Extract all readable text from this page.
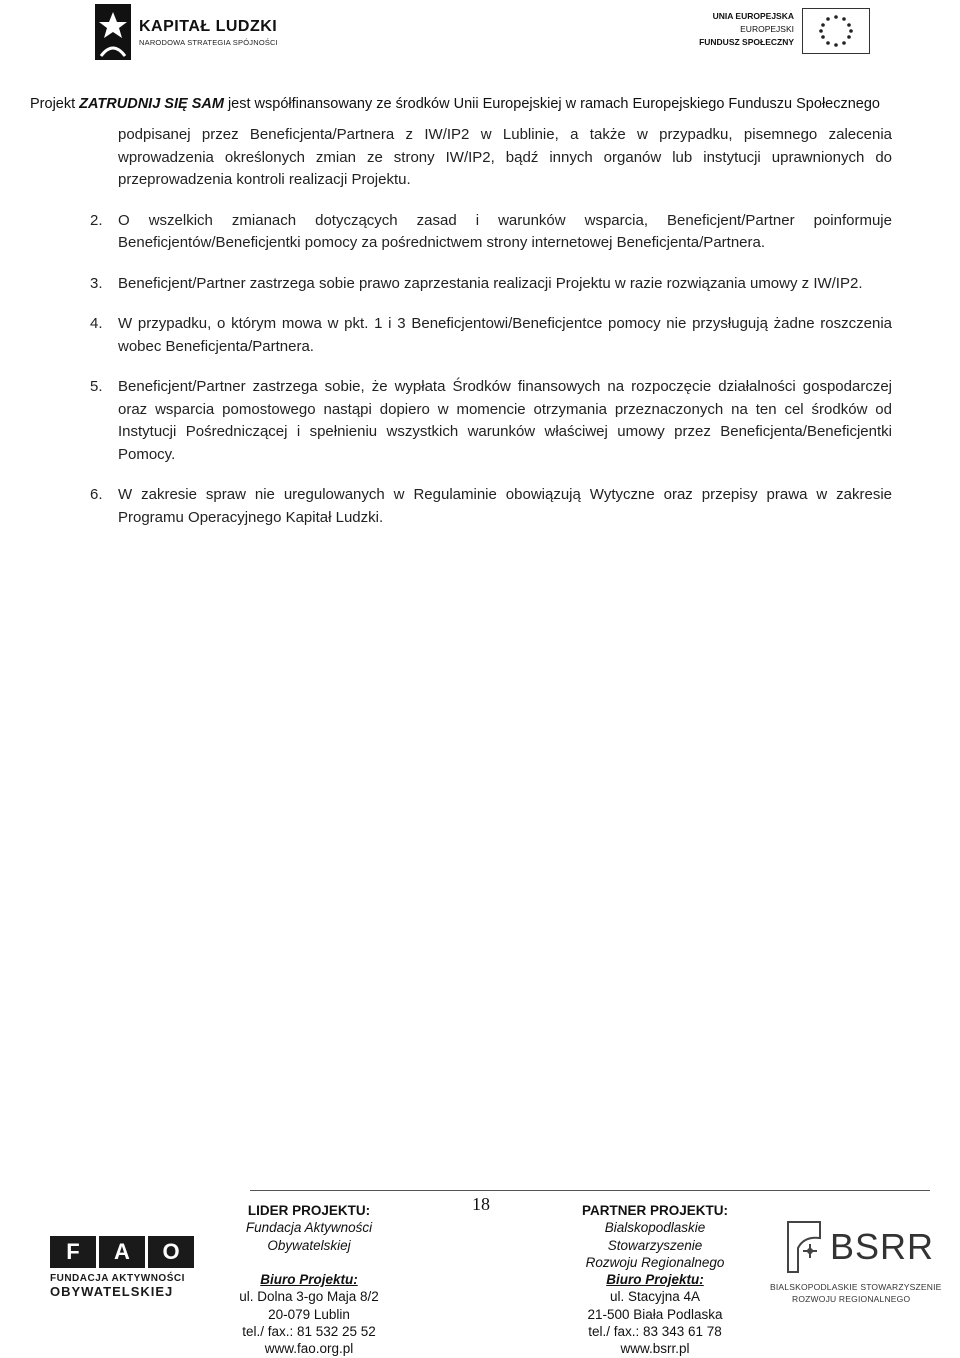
KAPITAŁ LUDZKI
NARODOWA STRATEGIA SPÓJNOŚCI
UNIA EUROPEJSKA
EUROPEJSKI
FUNDUSZ SPOŁECZNY
Projekt ZATRUDNIJ SIĘ SAM jest współfinansowany ze środków Unii Europejskiej w ramach Europejskiego Funduszu Społecznego
podpisanej przez Beneficjenta/Partnera z IW/IP2 w Lublinie, a także w przypadku, pisemnego zalecenia wprowadzenia określonych zmian ze strony IW/IP2, bądź innych organów lub instytucji uprawnionych do przeprowadzenia kontroli realizacji Projektu.
2. O wszelkich zmianach dotyczących zasad i warunków wsparcia, Beneficjent/Partner poinformuje Beneficjentów/Beneficjentki pomocy za pośrednictwem strony internetowej Beneficjenta/Partnera.
3. Beneficjent/Partner zastrzega sobie prawo zaprzestania realizacji Projektu w razie rozwiązania umowy z IW/IP2.
4. W przypadku, o którym mowa w pkt. 1 i 3 Beneficjentowi/Beneficjentce pomocy nie przysługują żadne roszczenia wobec Beneficjenta/Partnera.
5. Beneficjent/Partner zastrzega sobie, że wypłata Środków finansowych na rozpoczęcie działalności gospodarczej oraz wsparcia pomostowego nastąpi dopiero w momencie otrzymania przeznaczonych na ten cel środków od Instytucji Pośredniczącej i spełnieniu wszystkich warunków właściwej umowy przez Beneficjenta/Beneficjentki Pomocy.
6. W zakresie spraw nie uregulowanych w Regulaminie obowiązują Wytyczne oraz przepisy prawa w zakresie Programu Operacyjnego Kapitał Ludzki.
18
F	A	O
FUNDACJA AKTYWNOŚCI
OBYWATELSKIEJ
LIDER PROJEKTU:
Fundacja Aktywności
Obywatelskiej
Biuro Projektu:
ul. Dolna 3-go Maja 8/2
20-079 Lublin
tel./ fax.: 81 532 25 52
www.fao.org.pl
PARTNER PROJEKTU:
Bialskopodlaskie
Stowarzyszenie
Rozwoju Regionalnego
Biuro Projektu:
ul. Stacyjna 4A
21-500 Biała Podlaska
tel./ fax.: 83 343 61 78
www.bsrr.pl
BSRR
BIALSKOPODLASKIE STOWARZYSZENIE
ROZWOJU REGIONALNEGO
